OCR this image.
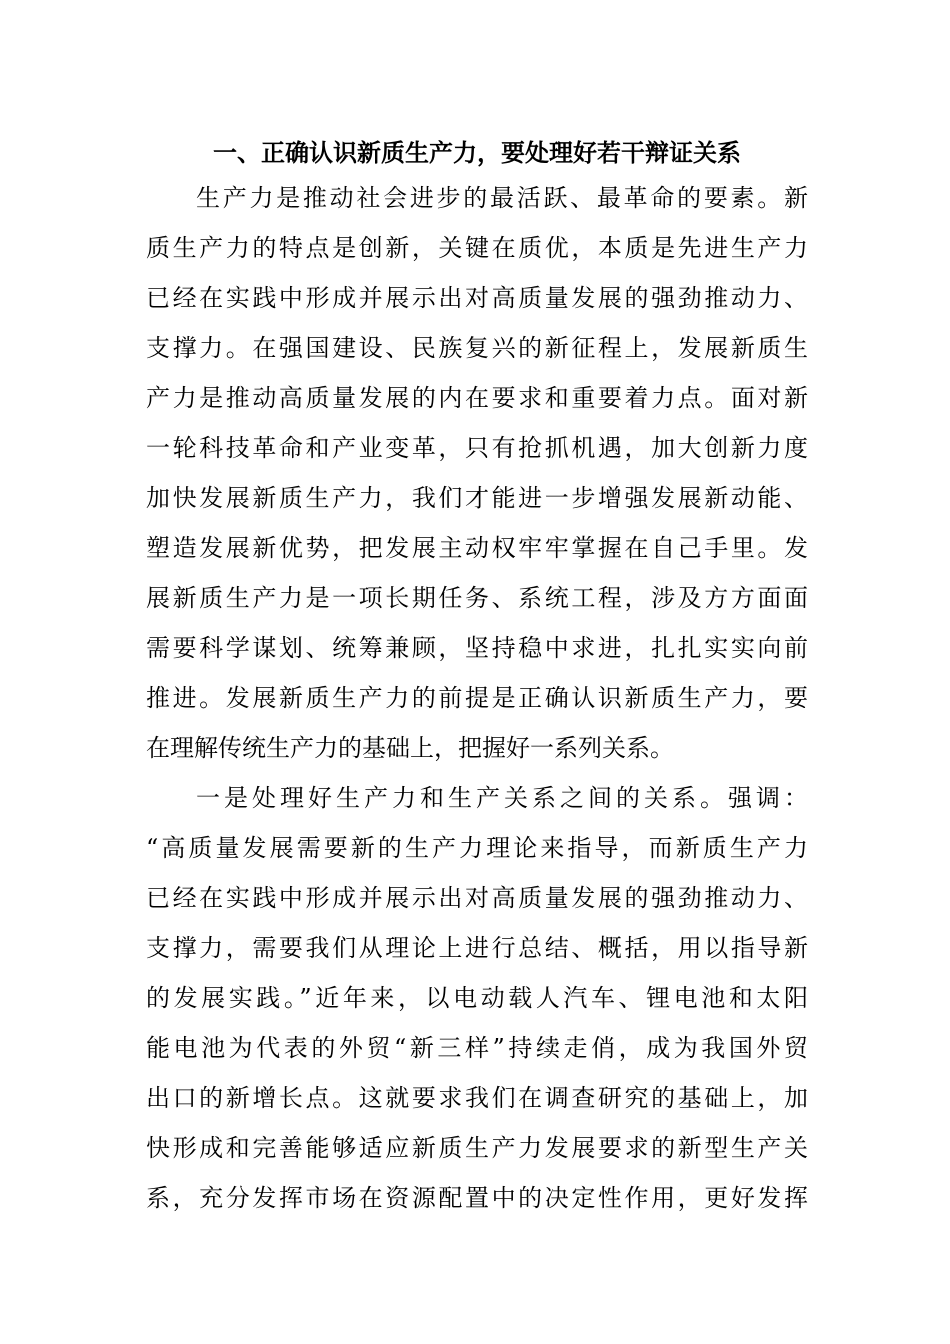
一、正确认识新质生产力，要处理好若干辩证关系
生产力是推动社会进步的最活跃、最革命的要素。新
质生产力的特点是创新，关键在质优，本质是先进生产力
已经在实践中形成并展示出对高质量发展的强劲推动力、
支撑力。在强国建设、民族复兴的新征程上，发展新质生
产力是推动高质量发展的内在要求和重要着力点。面对新
一轮科技革命和产业变革，只有抢抓机遇，加大创新力度
加快发展新质生产力，我们才能进一步增强发展新动能、
塑造发展新优势，把发展主动权牢牢掌握在自己手里。发
展新质生产力是一项长期任务、系统工程，涉及方方面面
需要科学谋划、统筹兼顾，坚持稳中求进，扎扎实实向前
推进。发展新质生产力的前提是正确认识新质生产力，要
在理解传统生产力的基础上，把握好一系列关系。
一是处理好生产力和生产关系之间的关系。强调：
“高质量发展需要新的生产力理论来指导，而新质生产力
已经在实践中形成并展示出对高质量发展的强劲推动力、
支撑力，需要我们从理论上进行总结、概括，用以指导新
的发展实践。”近年来，以电动载人汽车、锂电池和太阳
能电池为代表的外贸“新三样”持续走俏，成为我国外贸
出口的新增长点。这就要求我们在调查研究的基础上，加
快形成和完善能够适应新质生产力发展要求的新型生产关
系，充分发挥市场在资源配置中的决定性作用，更好发挥
